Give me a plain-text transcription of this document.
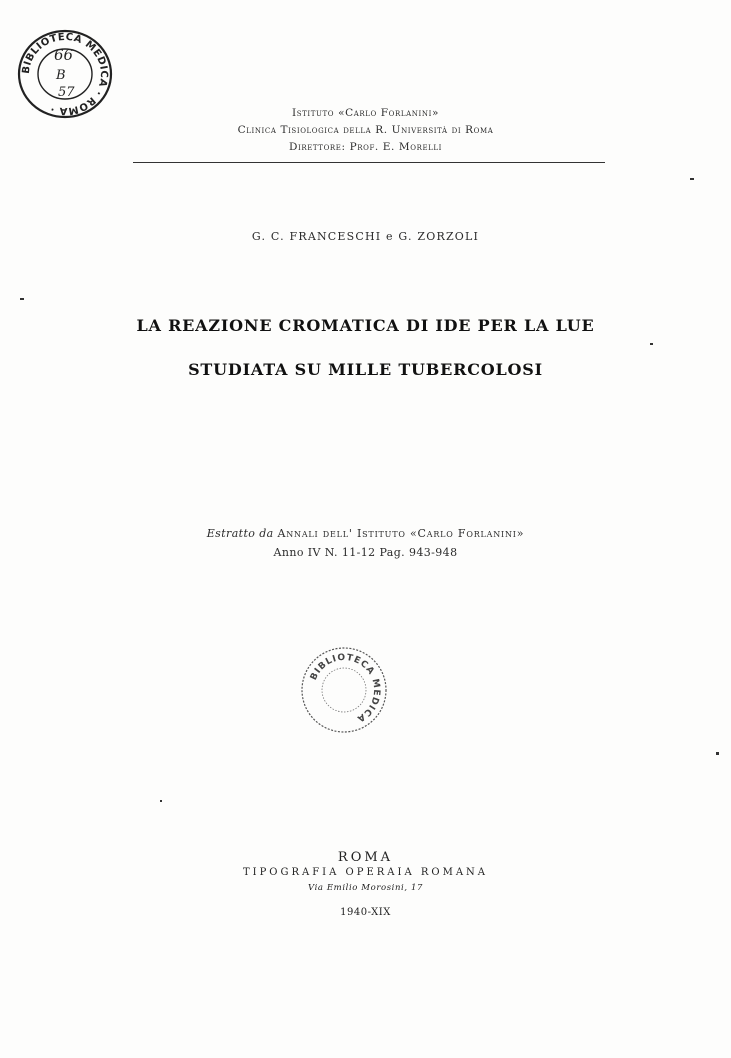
BIBLIOTECA MEDICA · ROMA ·
66
B
57
Istituto «Carlo Forlanini»
Clinica Tisiologica della R. Università di Roma
Direttore: Prof. E. Morelli
G. C. FRANCESCHI e G. ZORZOLI
LA REAZIONE CROMATICA DI IDE PER LA LUE
STUDIATA SU MILLE TUBERCOLOSI
Estratto da Annali dell' Istituto «Carlo Forlanini»
Anno IV N. 11-12 Pag. 943-948
BIBLIOTECA MEDICA
ROMA
TIPOGRAFIA OPERAIA ROMANA
Via Emilio Morosini, 17
1940-XIX
